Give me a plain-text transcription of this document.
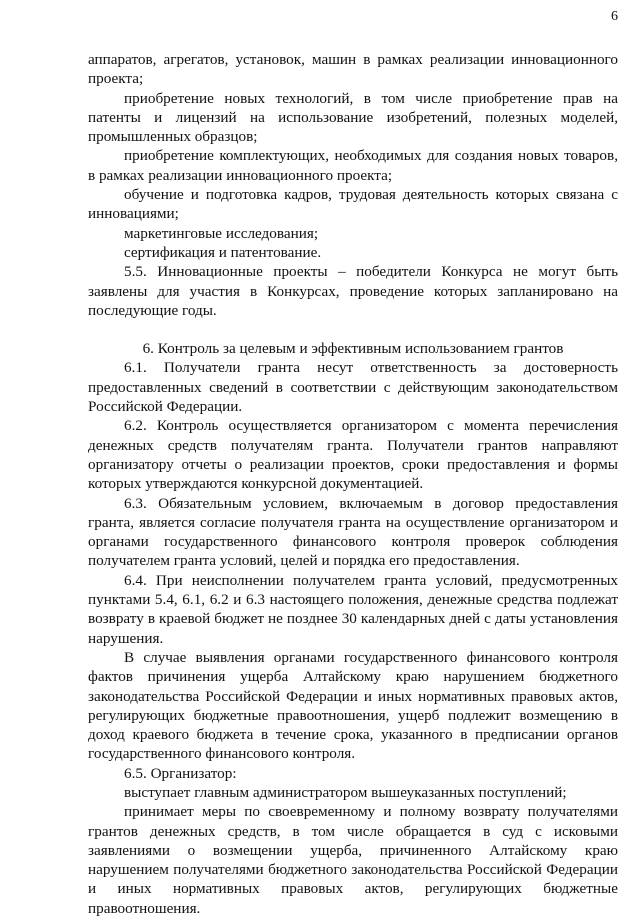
6

аппаратов, агрегатов, установок, машин в рамках реализации инновационного проекта;

приобретение новых технологий, в том числе приобретение прав на патенты и лицензий на использование изобретений, полезных моделей, промышленных образцов;

приобретение комплектующих, необходимых для создания новых товаров, в рамках реализации инновационного проекта;

обучение и подготовка кадров, трудовая деятельность которых связана с инновациями;

маркетинговые исследования;

сертификация и патентование.

5.5. Инновационные проекты – победители Конкурса не могут быть заявлены для участия в Конкурсах, проведение которых запланировано на последующие годы.

6. Контроль за целевым и эффективным использованием грантов

6.1. Получатели гранта несут ответственность за достоверность предоставленных сведений в соответствии с действующим законодательством Российской Федерации.

6.2. Контроль осуществляется организатором с момента перечисления денежных средств получателям гранта. Получатели грантов направляют организатору отчеты о реализации проектов, сроки предоставления и формы которых утверждаются конкурсной документацией.

6.3. Обязательным условием, включаемым в договор предоставления гранта, является согласие получателя гранта на осуществление организатором и органами государственного финансового контроля проверок соблюдения получателем гранта условий, целей и порядка его предоставления.

6.4. При неисполнении получателем гранта условий, предусмотренных пунктами 5.4, 6.1, 6.2 и 6.3 настоящего положения, денежные средства подлежат возврату в краевой бюджет не позднее 30 календарных дней с даты установления нарушения.

В случае выявления органами государственного финансового контроля фактов причинения ущерба Алтайскому краю нарушением бюджетного законодательства Российской Федерации и иных нормативных правовых актов, регулирующих бюджетные правоотношения, ущерб подлежит возмещению в доход краевого бюджета в течение срока, указанного в предписании органов государственного финансового контроля.

6.5. Организатор:

выступает главным администратором вышеуказанных поступлений;

принимает меры по своевременному и полному возврату получателями грантов денежных средств, в том числе обращается в суд с исковыми заявлениями о возмещении ущерба, причиненного Алтайскому краю нарушением получателями бюджетного законодательства Российской Федерации и иных нормативных правовых актов, регулирующих бюджетные правоотношения.
